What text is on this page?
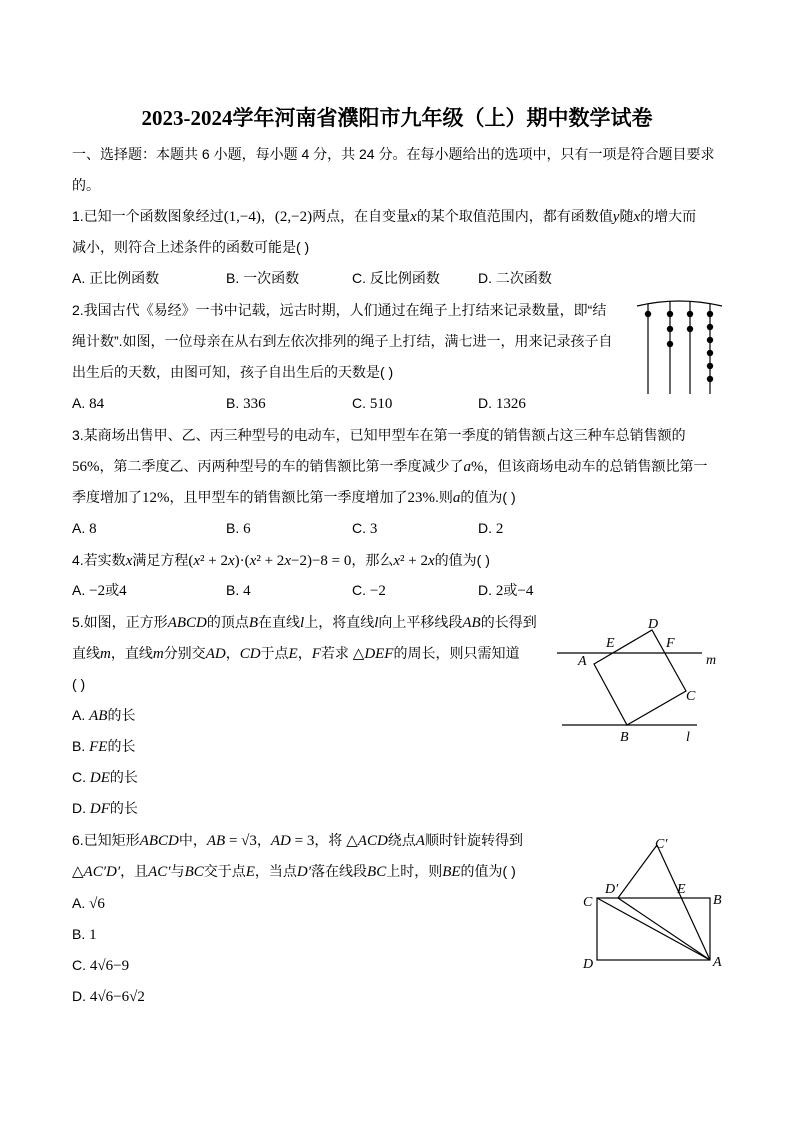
2023-2024学年河南省濮阳市九年级（上）期中数学试卷
一、选择题：本题共 6 小题，每小题 4 分，共 24 分。在每小题给出的选项中，只有一项是符合题目要求
的。
1.已知一个函数图象经过(1,−4)，(2,−2)两点，在自变量x的某个取值范围内，都有函数值y随x的增大而
减小，则符合上述条件的函数可能是( )
A. 正比例函数	B. 一次函数	C. 反比例函数	D. 二次函数
2.我国古代《易经》一书中记载，远古时期，人们通过在绳子上打结来记录数量，即“结
绳计数”.如图，一位母亲在从右到左依次排列的绳子上打结，满七进一，用来记录孩子自
出生后的天数，由图可知，孩子自出生后的天数是( )
A. 84	B. 336	C. 510	D. 1326
3.某商场出售甲、乙、丙三种型号的电动车，已知甲型车在第一季度的销售额占这三种车总销售额的
56%，第二季度乙、丙两种型号的车的销售额比第一季度减少了a%，但该商场电动车的总销售额比第一
季度增加了12%，且甲型车的销售额比第一季度增加了23%.则a的值为( )
A. 8	B. 6	C. 3	D. 2
4.若实数x满足方程(x² + 2x)·(x² + 2x−2)−8 = 0，那么x² + 2x的值为( )
A. −2或4	B. 4	C. −2	D. 2或−4
5.如图，正方形ABCD的顶点B在直线l上，将直线l向上平移线段AB的长得到
直线m，直线m分别交AD，CD于点E，F若求 △DEF的周长，则只需知道
( )
A. AB的长
B. FE的长
C. DE的长
D. DF的长
D
E	F
A
C
B
m
l
6.已知矩形ABCD中，AB = √3，AD = 3，将 △ACD绕点A顺时针旋转得到
△AC′D′，且AC′与BC交于点E，当点D′落在线段BC上时，则BE的值为( )
A. √6
B. 1
C. 4√6−9
D. 4√6−6√2
C′
D′	E
C	B
D	A
